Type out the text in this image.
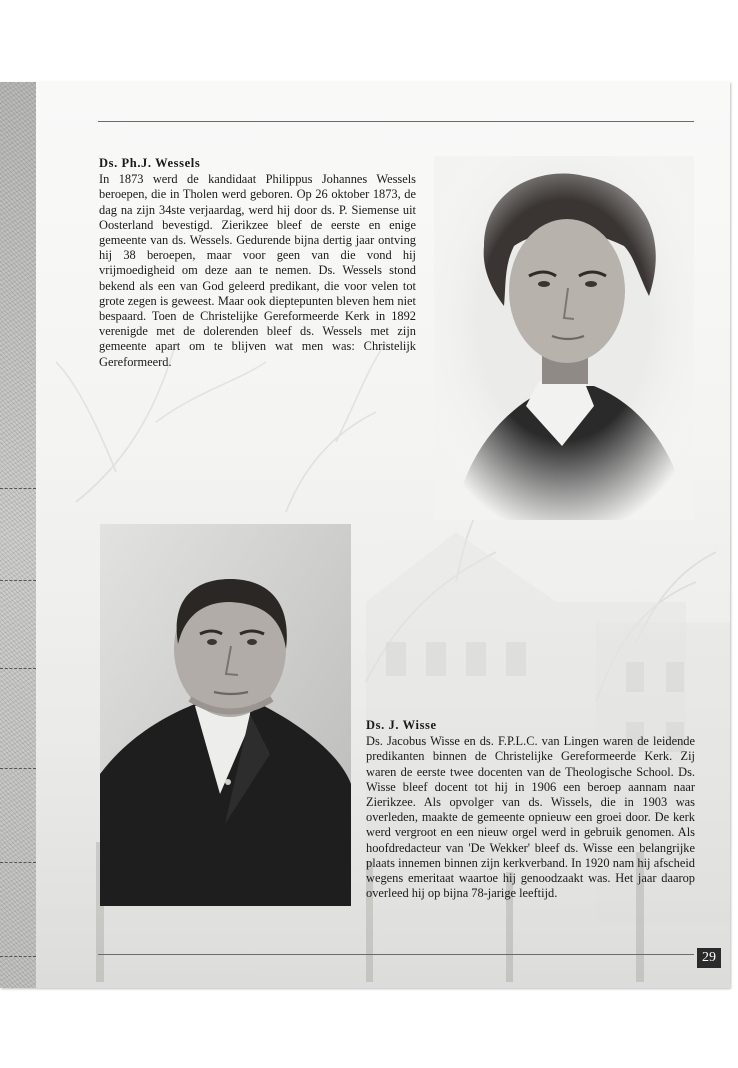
Ds. Ph.J. Wessels

In 1873 werd de kandidaat Philippus Johannes Wessels beroepen, die in Tholen werd geboren. Op 26 oktober 1873, de dag na zijn 34ste verjaardag, werd hij door ds. P. Siemense uit Oosterland bevestigd. Zierikzee bleef de eerste en enige gemeente van ds. Wessels. Gedurende bijna dertig jaar ontving hij 38 beroepen, maar voor geen van die vond hij vrijmoedigheid om deze aan te nemen. Ds. Wessels stond bekend als een van God geleerd predikant, die voor velen tot grote zegen is geweest. Maar ook dieptepunten bleven hem niet bespaard. Toen de Christelijke Gereformeerde Kerk in 1892 verenigde met de dolerenden bleef ds. Wessels met zijn gemeente apart om te blijven wat men was: Christelijk Gereformeerd.

Ds. J. Wisse

Ds. Jacobus Wisse en ds. F.P.L.C. van Lingen waren de leidende predikanten binnen de Christelijke Gereformeerde Kerk. Zij waren de eerste twee docenten van de Theologische School. Ds. Wisse bleef docent tot hij in 1906 een beroep aannam naar Zierikzee. Als opvolger van ds. Wissels, die in 1903 was overleden, maakte de gemeente opnieuw een groei door. De kerk werd vergroot en een nieuw orgel werd in gebruik genomen. Als hoofdredacteur van 'De Wekker' bleef ds. Wisse een belangrijke plaats innemen binnen zijn kerkverband. In 1920 nam hij afscheid wegens emeritaat waartoe hij genoodzaakt was. Het jaar daarop overleed hij op bijna 78-jarige leeftijd.

29
